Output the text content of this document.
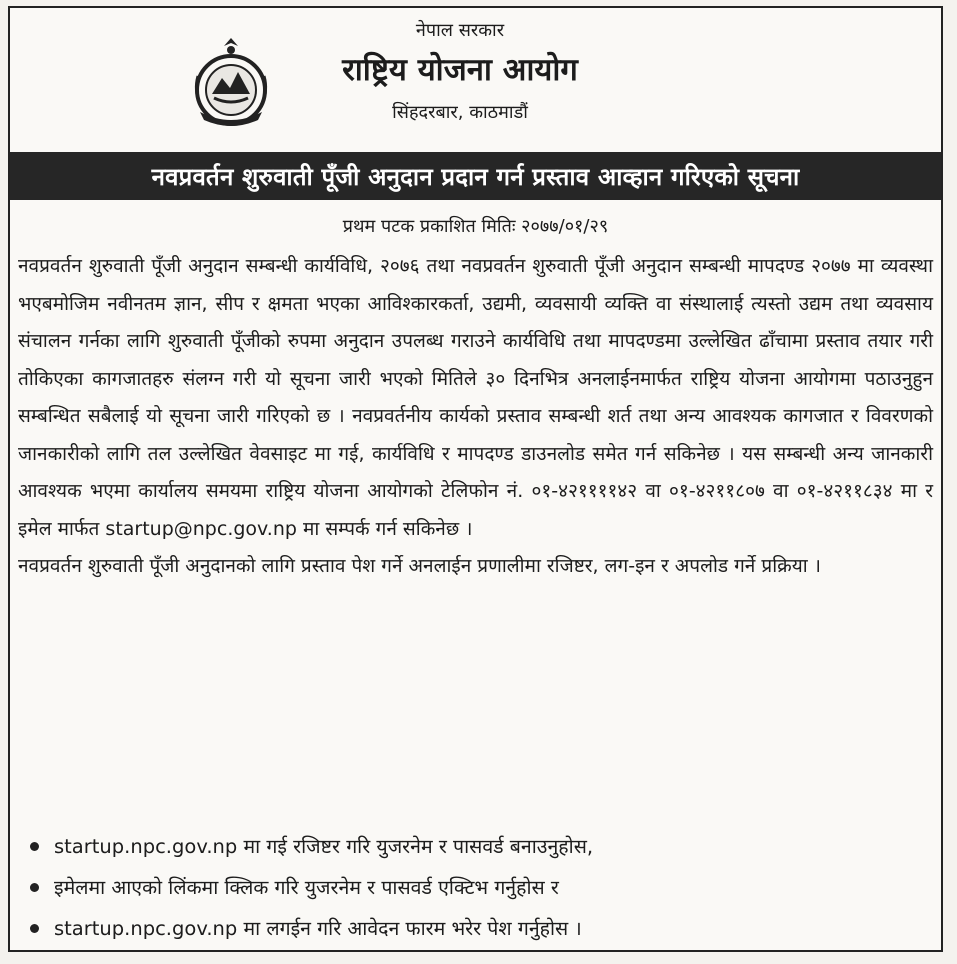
नेपाल सरकार
राष्ट्रिय योजना आयोग
सिंहदरबार, काठमाडौं
नवप्रवर्तन शुरुवाती पूँजी अनुदान प्रदान गर्न प्रस्ताव आव्हान गरिएको सूचना
प्रथम पटक प्रकाशित मितिः २०७७/०१/२९

नवप्रवर्तन शुरुवाती पूँजी अनुदान सम्बन्धी कार्यविधि, २०७६ तथा नवप्रवर्तन शुरुवाती पूँजी अनुदान सम्बन्धी मापदण्ड २०७७ मा व्यवस्था भएबमोजिम नवीनतम ज्ञान, सीप र क्षमता भएका आविश्कारकर्ता, उद्यमी, व्यवसायी व्यक्ति वा संस्थालाई त्यस्तो उद्यम तथा व्यवसाय संचालन गर्नका लागि शुरुवाती पूँजीको रुपमा अनुदान उपलब्ध गराउने कार्यविधि तथा मापदण्डमा उल्लेखित ढाँचामा प्रस्ताव तयार गरी तोकिएका कागजातहरु संलग्न गरी यो सूचना जारी भएको मितिले ३० दिनभित्र अनलाईनमार्फत राष्ट्रिय योजना आयोगमा पठाउनुहुन सम्बन्धित सबैलाई यो सूचना जारी गरिएको छ । नवप्रवर्तनीय कार्यको प्रस्ताव सम्बन्धी शर्त तथा अन्य आवश्यक कागजात र विवरणको जानकारीको लागि तल उल्लेखित वेवसाइट मा गई, कार्यविधि र मापदण्ड डाउनलोड समेत गर्न सकिनेछ । यस सम्बन्धी अन्य जानकारी आवश्यक भएमा कार्यालय समयमा राष्ट्रिय योजना आयोगको टेलिफोन नं. ०१-४२११११४२ वा ०१-४२११८०७ वा ०१-४२११८३४ मा र इमेल मार्फत startup@npc.gov.np मा सम्पर्क गर्न सकिनेछ ।

नवप्रवर्तन शुरुवाती पूँजी अनुदानको लागि प्रस्ताव पेश गर्ने अनलाईन प्रणालीमा रजिष्टर, लग-इन र अपलोड गर्ने प्रक्रिया ।

startup.npc.gov.np मा गई रजिष्टर गरि युजरनेम र पासवर्ड बनाउनुहोस,
इमेलमा आएको लिंकमा क्लिक गरि युजरनेम र पासवर्ड एक्टिभ गर्नुहोस र
startup.npc.gov.np मा लगईन गरि आवेदन फारम भरेर पेश गर्नुहोस ।
